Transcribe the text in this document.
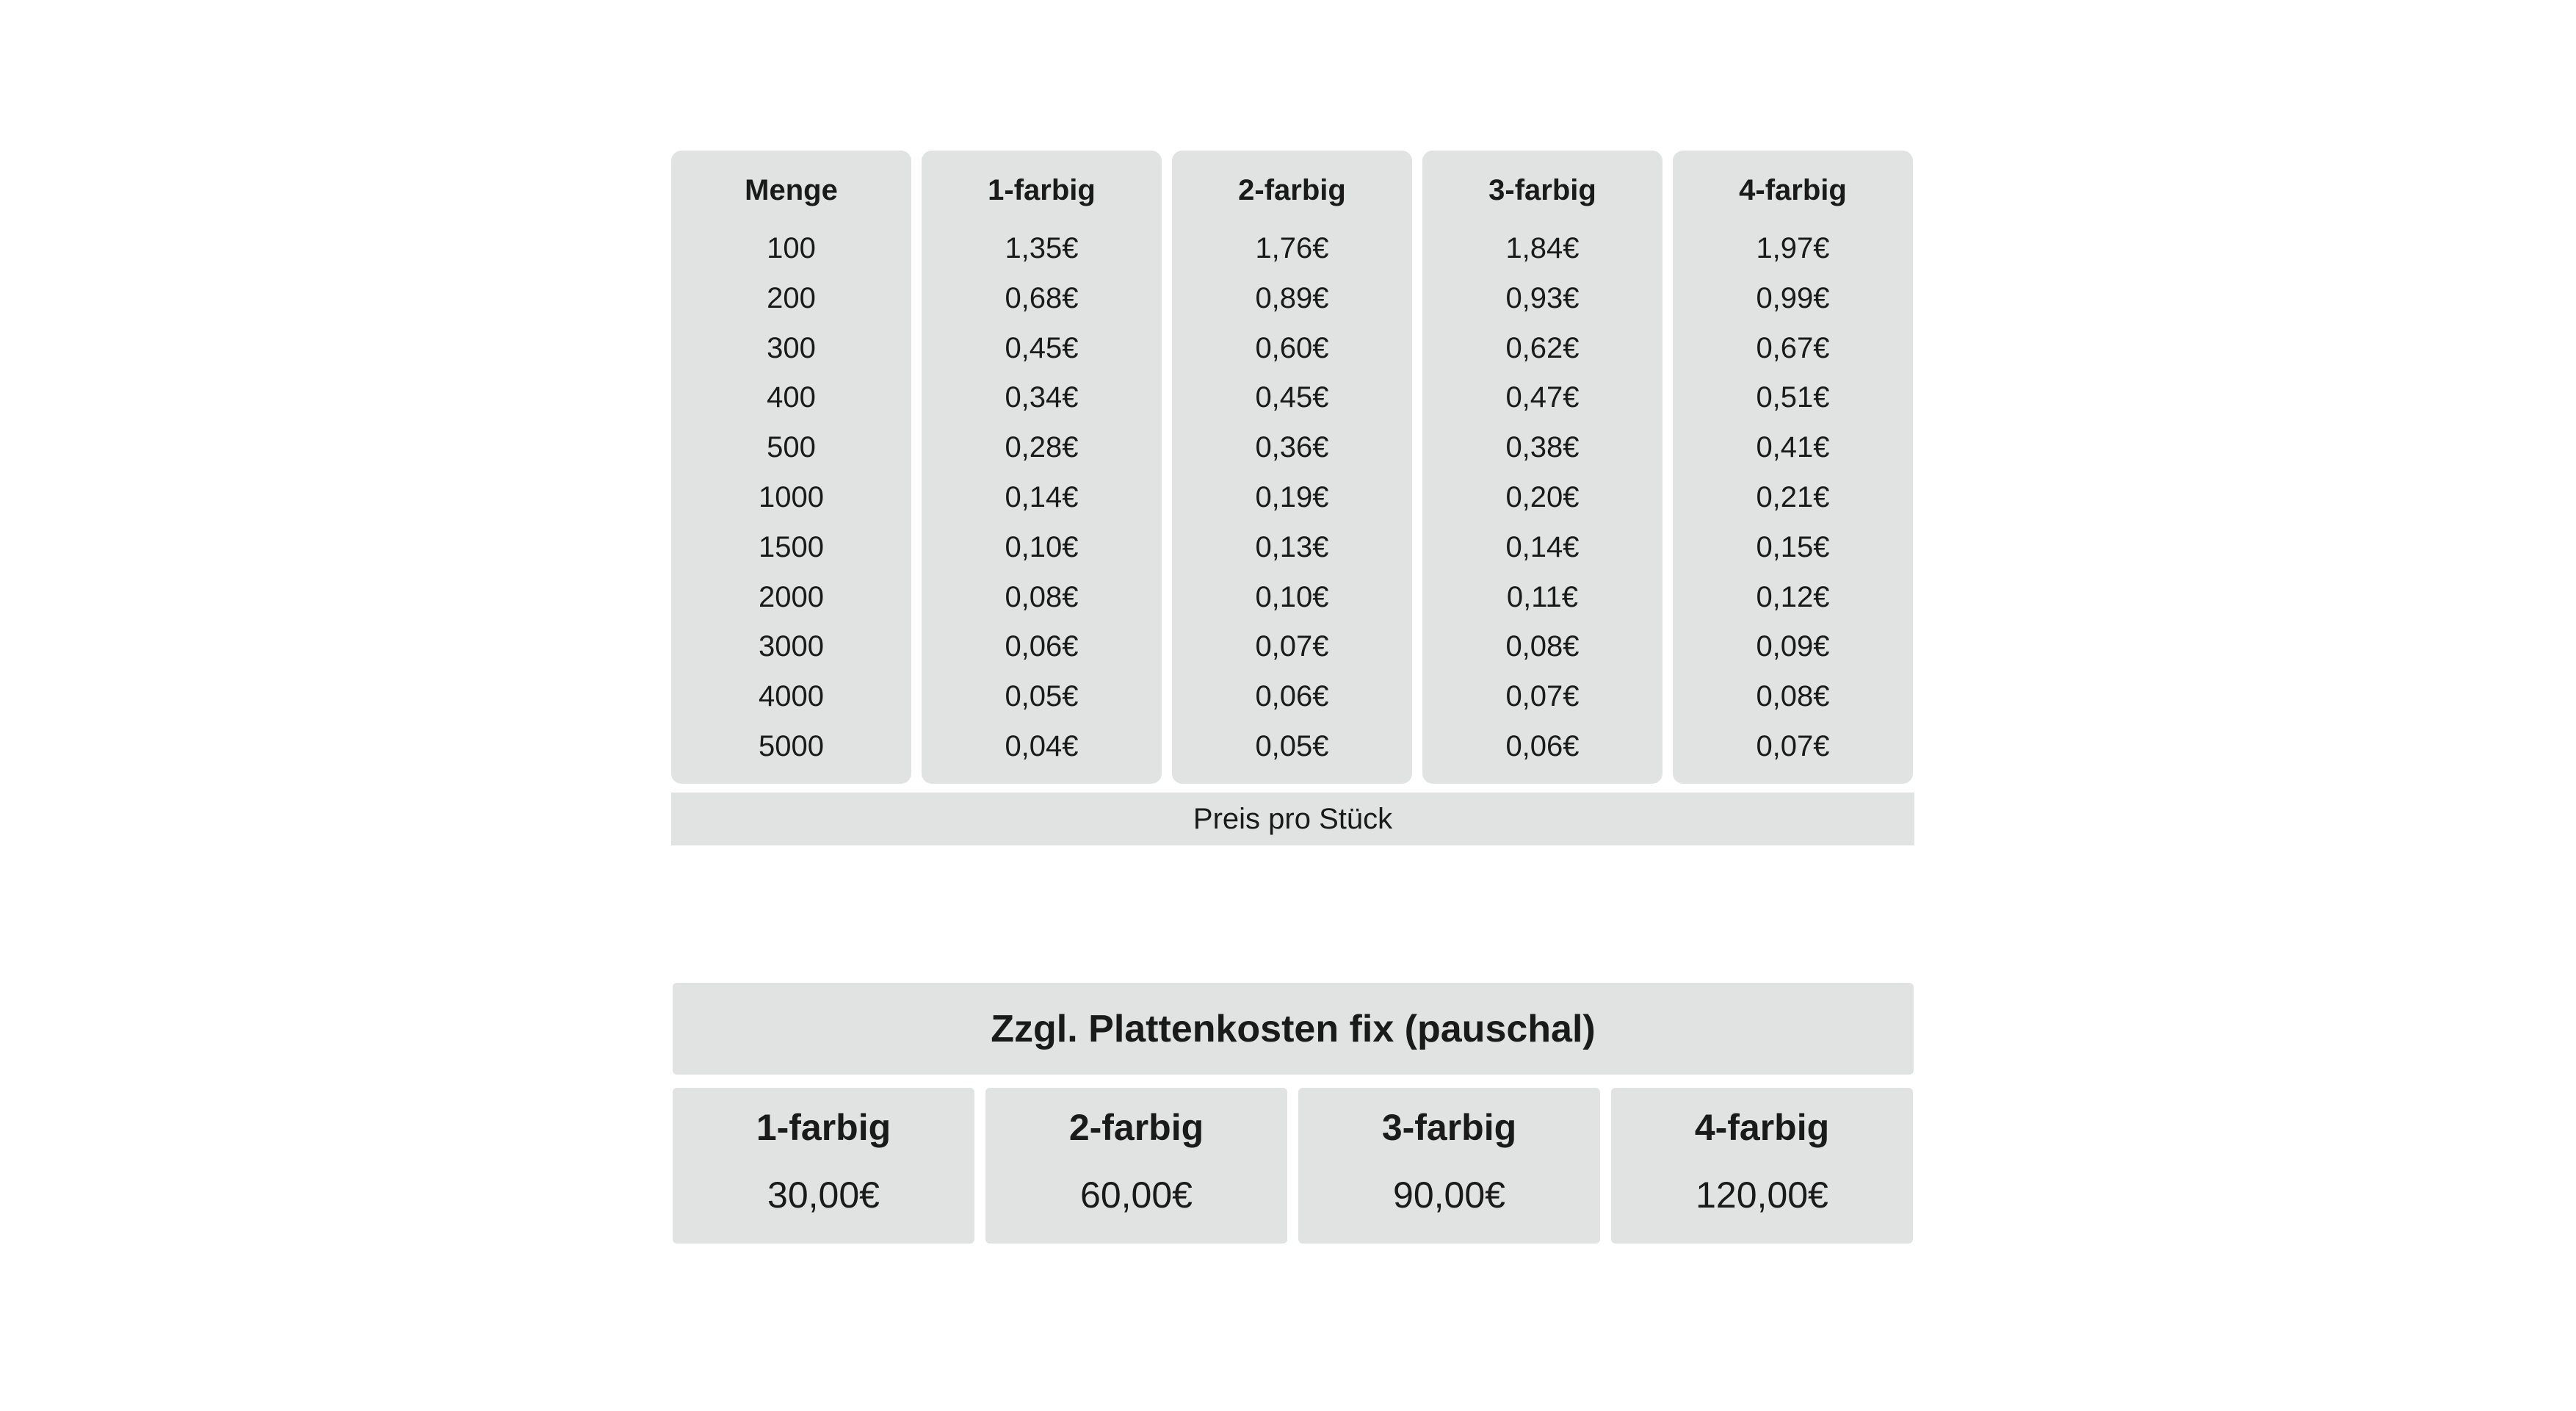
Menge
100
200
300
400
500
1000
1500
2000
3000
4000
5000
1-farbig
1,35€
0,68€
0,45€
0,34€
0,28€
0,14€
0,10€
0,08€
0,06€
0,05€
0,04€
2-farbig
1,76€
0,89€
0,60€
0,45€
0,36€
0,19€
0,13€
0,10€
0,07€
0,06€
0,05€
3-farbig
1,84€
0,93€
0,62€
0,47€
0,38€
0,20€
0,14€
0,11€
0,08€
0,07€
0,06€
4-farbig
1,97€
0,99€
0,67€
0,51€
0,41€
0,21€
0,15€
0,12€
0,09€
0,08€
0,07€
Preis pro Stück
Zzgl. Plattenkosten fix (pauschal)
1-farbig
30,00€
2-farbig
60,00€
3-farbig
90,00€
4-farbig
120,00€
